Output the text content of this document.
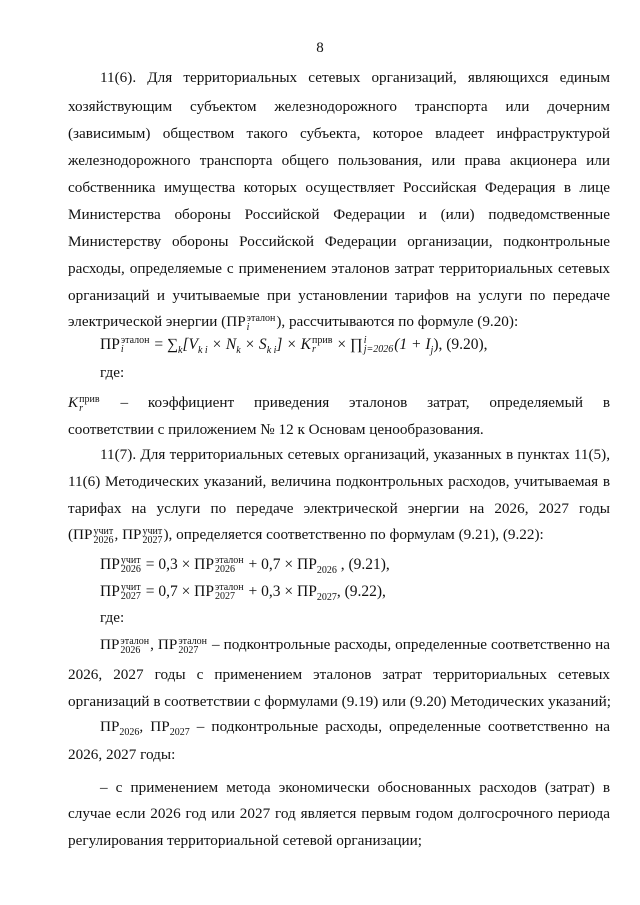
8
11(6). Для территориальных сетевых организаций, являющихся единым
хозяйствующим субъектом железнодорожного транспорта или дочерним
(зависимым) обществом такого субъекта, которое владеет инфраструктурой
железнодорожного транспорта общего пользования, или права акционера или
собственника имущества которых осуществляет Российская Федерация в лице
Министерства обороны Российской Федерации и (или) подведомственные
Министерству обороны Российской Федерации организации, подконтрольные
расходы, определяемые с применением эталонов затрат территориальных сетевых
организаций и учитываемые при установлении тарифов на услуги по передаче
электрической энергии (ПР эталон
i	), рассчитываются по формуле (9.20):
ПР эталон
i	= $\sum_k[V_{k i} \times N_k \times S_{k i}] \times K$ прив
r	× ∏ i
j=2026 $(1 + I_j)$, (9.20),
где:
K прив
r	– коэффициент приведения эталонов затрат, определяемый в
соответствии с приложением № 12 к Основам ценообразования.
11(7). Для территориальных сетевых организаций, указанных в пунктах 11(5),
11(6) Методических указаний, величина подконтрольных расходов, учитываемая в
тарифах на услуги по передаче электрической энергии на 2026, 2027 годы
(ПР учит
2026 , ПР учит
2027 ), определяется соответственно по формулам (9.21), (9.22):
ПР учит
2026 = 0,3 × ПР эталон
$2026 + 0,7 \times ПР_{2026}$ , (9.21),
ПР учит
2027 = 0,7 × ПР эталон
$2027 + 0,3 \times ПР_{2027}$, (9.22),
где:
ПР эталон
2026 , ПР эталон
2027 – подконтрольные расходы, определенные соответственно на
2026, 2027 годы с применением эталонов затрат территориальных сетевых
организаций в соответствии с формулами (9.19) или (9.20) Методических указаний;
$ПР_{2026}$, $ПР_{2027}$ – подконтрольные расходы, определенные соответственно на
2026, 2027 годы:
– с применением метода экономически обоснованных расходов (затрат) в
случае если 2026 год или 2027 год является первым годом долгосрочного периода
регулирования территориальной сетевой организации;
